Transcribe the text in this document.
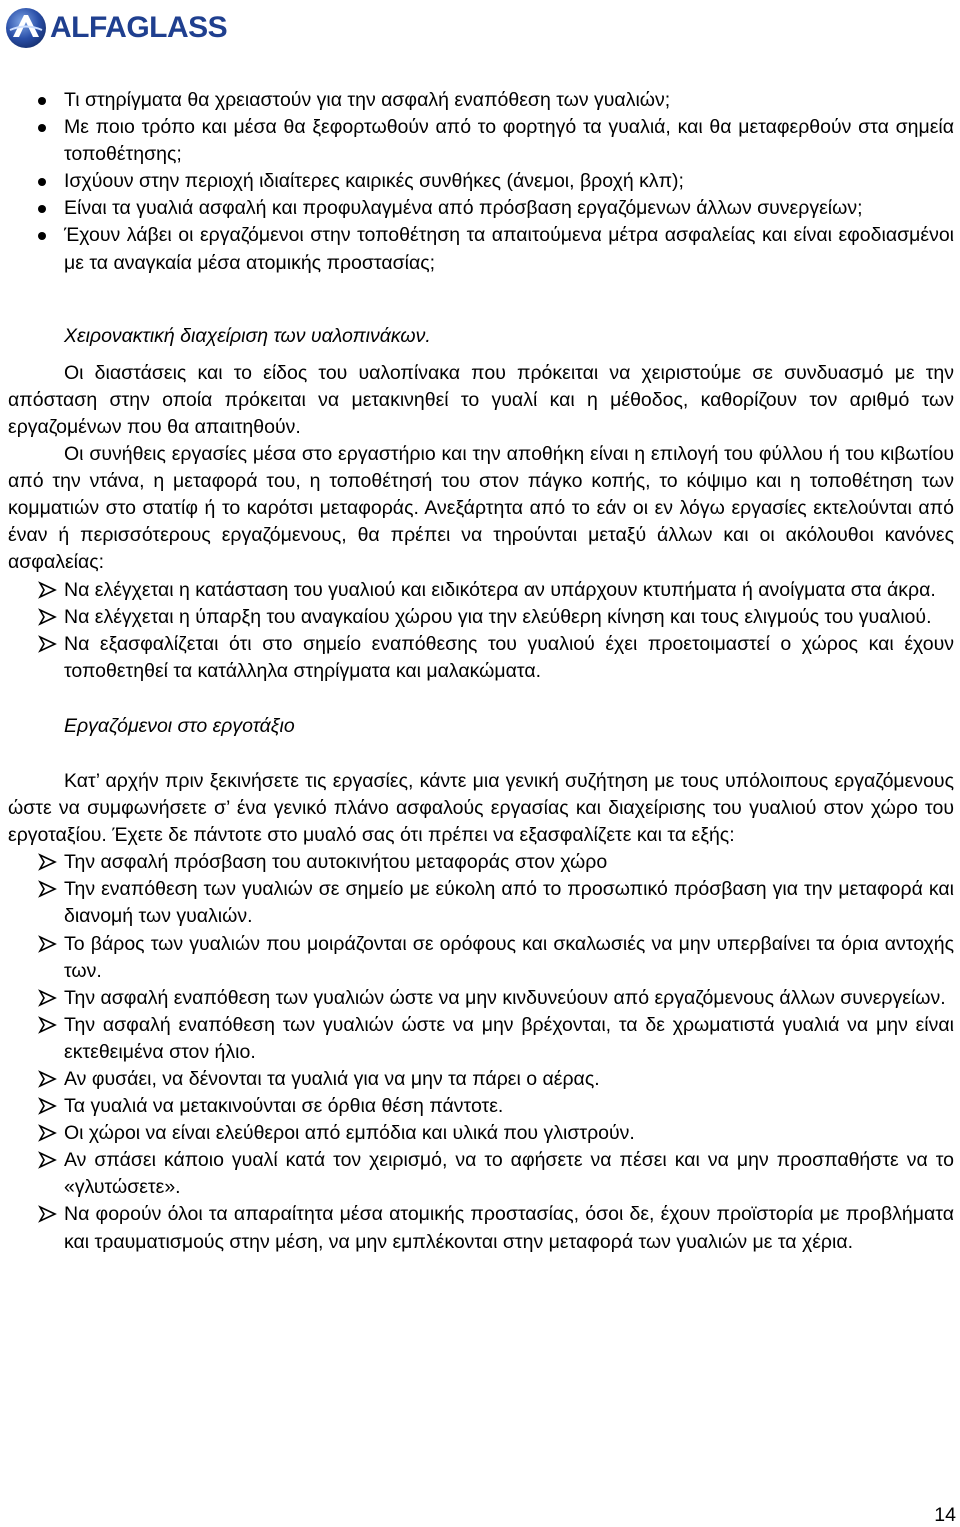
ALFAGLASS
Τι στηρίγματα θα χρειαστούν για την ασφαλή εναπόθεση των γυαλιών;
Με ποιο τρόπο και μέσα θα ξεφορτωθούν από το φορτηγό τα γυαλιά, και θα μεταφερθούν στα σημεία τοποθέτησης;
Ισχύουν στην περιοχή ιδιαίτερες καιρικές συνθήκες (άνεμοι, βροχή κλπ);
Είναι τα γυαλιά ασφαλή και προφυλαγμένα από πρόσβαση εργαζόμενων άλλων συνεργείων;
Έχουν λάβει οι εργαζόμενοι στην τοποθέτηση τα απαιτούμενα μέτρα ασφαλείας και είναι εφοδιασμένοι με τα αναγκαία μέσα ατομικής προστασίας;
Χειρονακτική διαχείριση των υαλοπινάκων.

Οι διαστάσεις και το είδος του υαλοπίνακα που πρόκειται να χειριστούμε σε συνδυασμό με την απόσταση στην οποία πρόκειται να μετακινηθεί το γυαλί και η μέθοδος, καθορίζουν τον αριθμό των εργαζομένων που θα απαιτηθούν.

Οι συνήθεις εργασίες μέσα στο εργαστήριο και την αποθήκη είναι η επιλογή του φύλλου ή του κιβωτίου από την ντάνα, η μεταφορά του, η τοποθέτησή του στον πάγκο κοπής, το κόψιμο και η τοποθέτηση των κομματιών στο στατίφ ή το καρότσι μεταφοράς. Ανεξάρτητα από το εάν οι εν λόγω εργασίες εκτελούνται από έναν ή περισσότερους εργαζόμενους, θα πρέπει να τηρούνται μεταξύ άλλων και οι ακόλουθοι κανόνες ασφαλείας:

Να ελέγχεται η κατάσταση του γυαλιού και ειδικότερα αν υπάρχουν κτυπήματα ή ανοίγματα στα άκρα.
Να ελέγχεται η ύπαρξη του αναγκαίου χώρου για την ελεύθερη κίνηση και τους ελιγμούς του γυαλιού.
Να εξασφαλίζεται ότι στο σημείο εναπόθεσης του γυαλιού έχει προετοιμαστεί ο χώρος και έχουν τοποθετηθεί τα κατάλληλα στηρίγματα και μαλακώματα.
Εργαζόμενοι στο εργοτάξιο

Κατ’ αρχήν πριν ξεκινήσετε τις εργασίες, κάντε μια γενική συζήτηση με τους υπόλοιπους εργαζόμενους ώστε να συμφωνήσετε σ’ ένα γενικό πλάνο ασφαλούς εργασίας και διαχείρισης του γυαλιού στον χώρο του εργοταξίου. Έχετε δε πάντοτε στο μυαλό σας ότι πρέπει να εξασφαλίζετε και τα εξής:

Την ασφαλή πρόσβαση του αυτοκινήτου μεταφοράς στον χώρο
Την εναπόθεση των γυαλιών σε σημείο με εύκολη από το προσωπικό πρόσβαση για την μεταφορά και διανομή των γυαλιών.
Το βάρος των γυαλιών που μοιράζονται σε ορόφους και σκαλωσιές να μην υπερβαίνει τα όρια αντοχής των.
Την ασφαλή εναπόθεση των γυαλιών ώστε να μην κινδυνεύουν από εργαζόμενους άλλων συνεργείων.
Την ασφαλή εναπόθεση των γυαλιών ώστε να μην βρέχονται, τα δε χρωματιστά γυαλιά να μην είναι εκτεθειμένα στον ήλιο.
Αν φυσάει, να δένονται τα γυαλιά για να μην τα πάρει ο αέρας.
Τα γυαλιά να μετακινούνται σε όρθια θέση πάντοτε.
Οι χώροι να είναι ελεύθεροι από εμπόδια και υλικά που γλιστρούν.
Αν σπάσει κάποιο γυαλί κατά τον χειρισμό, να το αφήσετε να πέσει και να μην προσπαθήστε να το «γλυτώσετε».
Να φορούν όλοι τα απαραίτητα μέσα ατομικής προστασίας, όσοι δε, έχουν προϊστορία με προβλήματα και τραυματισμούς στην μέση, να μην εμπλέκονται στην μεταφορά των γυαλιών με τα χέρια.
14
